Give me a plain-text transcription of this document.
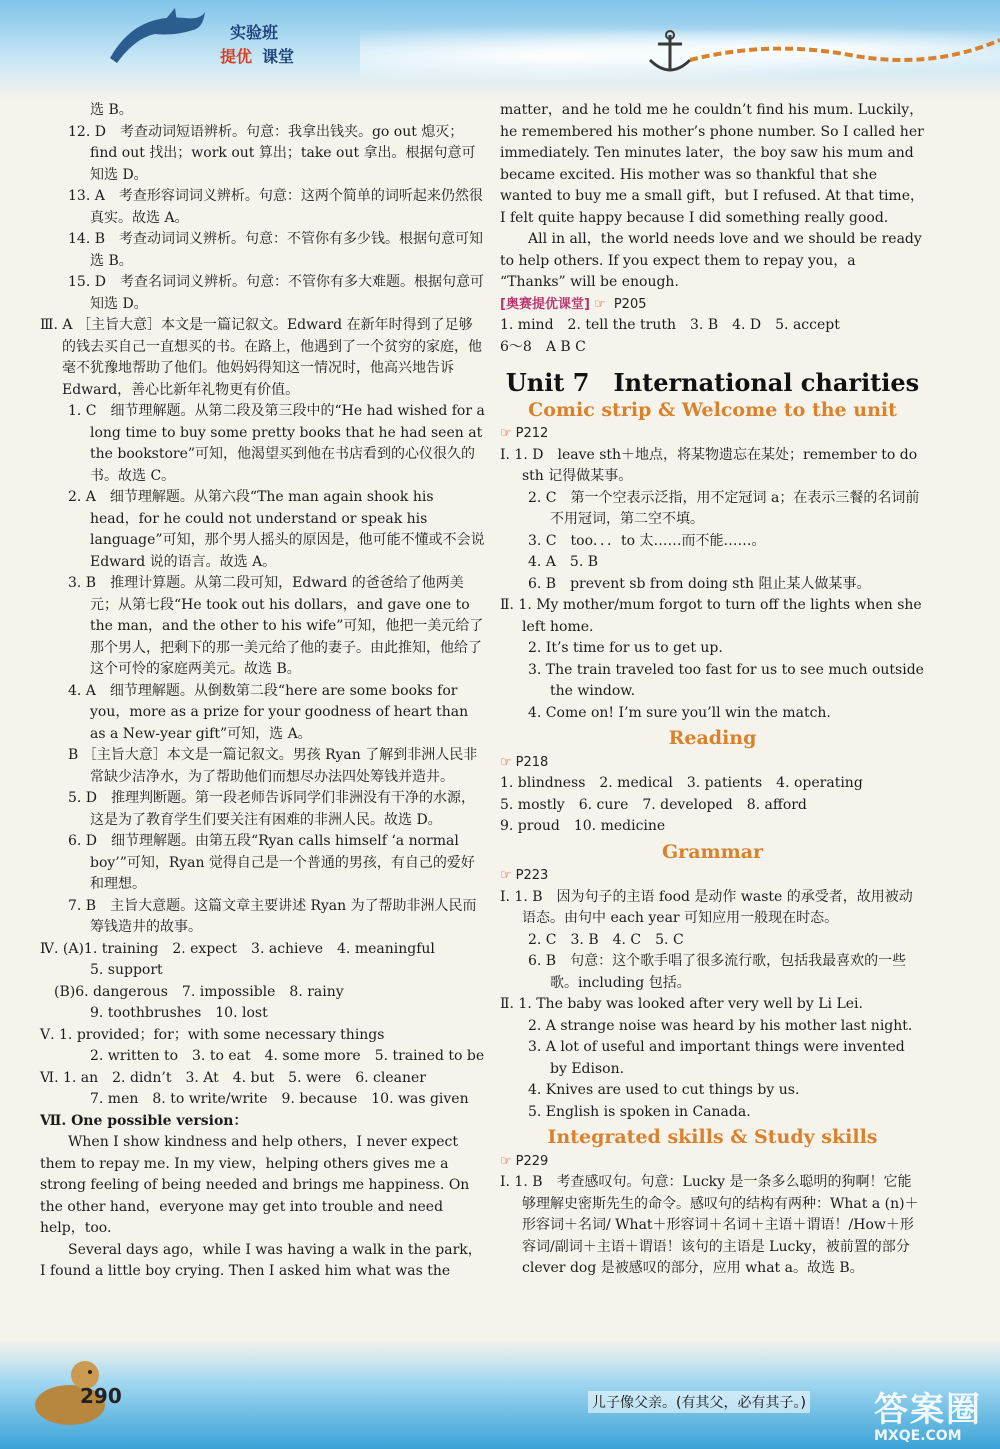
实验班
提优 课堂

选 B。

12. D　考查动词短语辨析。句意：我拿出钱夹。go out 熄灭；find out 找出；work out 算出；take out 拿出。根据句意可知选 D。

13. A　考查形容词词义辨析。句意：这两个简单的词听起来仍然很真实。故选 A。

14. B　考查动词词义辨析。句意：不管你有多少钱。根据句意可知选 B。

15. D　考查名词词义辨析。句意：不管你有多大难题。根据句意可知选 D。

Ⅲ. A ［主旨大意］本文是一篇记叙文。Edward 在新年时得到了足够的钱去买自己一直想买的书。在路上，他遇到了一个贫穷的家庭，他毫不犹豫地帮助了他们。他妈妈得知这一情况时，他高兴地告诉 Edward，善心比新年礼物更有价值。

1. C　细节理解题。从第二段及第三段中的“He had wished for a long time to buy some pretty books that he had seen at the bookstore”可知，他渴望买到他在书店看到的心仪很久的书。故选 C。

2. A　细节理解题。从第六段“The man again shook his head，for he could not understand or speak his language”可知，那个男人摇头的原因是，他可能不懂或不会说 Edward 说的语言。故选 A。

3. B　推理计算题。从第二段可知，Edward 的爸爸给了他两美元；从第七段“He took out his dollars，and gave one to the man，and the other to his wife”可知，他把一美元给了那个男人，把剩下的那一美元给了他的妻子。由此推知，他给了这个可怜的家庭两美元。故选 B。

4. A　细节理解题。从倒数第二段“here are some books for you，more as a prize for your goodness of heart than as a New-year gift”可知，选 A。

B ［主旨大意］本文是一篇记叙文。男孩 Ryan 了解到非洲人民非常缺少洁净水，为了帮助他们而想尽办法四处筹钱并造井。

5. D　推理判断题。第一段老师告诉同学们非洲没有干净的水源，这是为了教育学生们要关注有困难的非洲人民。故选 D。

6. D　细节理解题。由第五段“Ryan calls himself ‘a normal boy’”可知，Ryan 觉得自己是一个普通的男孩，有自己的爱好和理想。

7. B　主旨大意题。这篇文章主要讲述 Ryan 为了帮助非洲人民而筹钱造井的故事。

Ⅳ. (A)1. training　2. expect　3. achieve　4. meaningful

5. support

　(B)6. dangerous　7. impossible　8. rainy

9. toothbrushes　10. lost

Ⅴ. 1. provided；for；with some necessary things

2. written to　3. to eat　4. some more　5. trained to be

Ⅵ. 1. an　2. didn’t　3. At　4. but　5. were　6. cleaner

7. men　8. to write/write　9. because　10. was given

Ⅶ. One possible version：

When I show kindness and help others，I never expect them to repay me. In my view，helping others gives me a strong feeling of being needed and brings me happiness. On the other hand，everyone may get into trouble and need help，too.

Several days ago，while I was having a walk in the park，I found a little boy crying. Then I asked him what was the

matter，and he told me he couldn’t find his mum. Luckily，he remembered his mother’s phone number. So I called her immediately. Ten minutes later，the boy saw his mum and became excited. His mother was so thankful that she wanted to buy me a small gift，but I refused. At that time，I felt quite happy because I did something really good.

All in all，the world needs love and we should be ready to help others. If you expect them to repay you，a “Thanks” will be enough.

[奥赛提优课堂] ☞ P205

1. mind　2. tell the truth　3. B　4. D　5. accept

6～8　A B C

Unit 7　International charities
Comic strip & Welcome to the unit

☞ P212

Ⅰ. 1. D　leave sth＋地点，将某物遗忘在某处；remember to do sth 记得做某事。

2. C　第一个空表示泛指，用不定冠词 a；在表示三餐的名词前不用冠词，第二空不填。

3. C　too．．．to 太……而不能……。

4. A　5. B

6. B　prevent sb from doing sth 阻止某人做某事。

Ⅱ. 1. My mother/mum forgot to turn off the lights when she left home.

2. It’s time for us to get up.

3. The train traveled too fast for us to see much outside the window.

4. Come on! I’m sure you’ll win the match.

Reading

☞ P218

1. blindness　2. medical　3. patients　4. operating

5. mostly　6. cure　7. developed　8. afford

9. proud　10. medicine

Grammar

☞ P223

Ⅰ. 1. B　因为句子的主语 food 是动作 waste 的承受者，故用被动语态。由句中 each year 可知应用一般现在时态。

2. C　3. B　4. C　5. C

6. B　句意：这个歌手唱了很多流行歌，包括我最喜欢的一些歌。including 包括。

Ⅱ. 1. The baby was looked after very well by Li Lei.

2. A strange noise was heard by his mother last night.

3. A lot of useful and important things were invented by Edison.

4. Knives are used to cut things by us.

5. English is spoken in Canada.

Integrated skills & Study skills

☞ P229

Ⅰ. 1. B　考查感叹句。句意：Lucky 是一条多么聪明的狗啊！它能够理解史密斯先生的命令。感叹句的结构有两种：What a (n)＋形容词＋名词/ What＋形容词＋名词＋主语＋谓语！/How＋形容词/副词＋主语＋谓语！该句的主语是 Lucky，被前置的部分 clever dog 是被感叹的部分，应用 what a。故选 B。

290	儿子像父亲。(有其父，必有其子。) 答案圈
MXQE.COM
